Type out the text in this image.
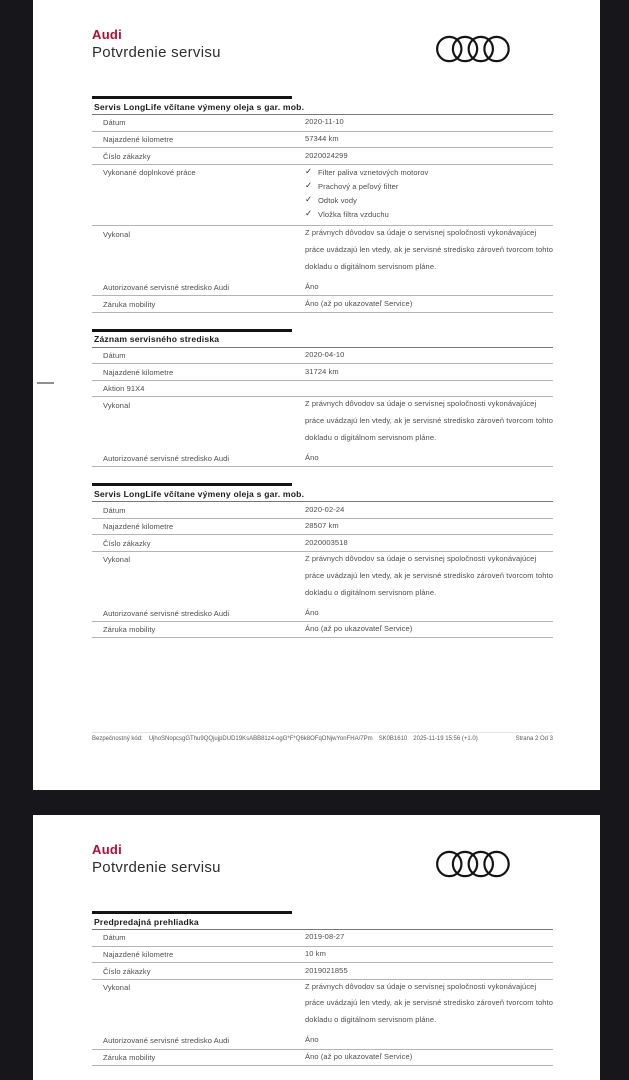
Audi
Potvrdenie servisu
Servis LongLife včítane výmeny oleja s gar. mob.
Dátum	2020-11-10
Najazdené kilometre	57344 km
Číslo zákazky	2020024299
Vykonané doplnkové práce	✓ Filter paliva vznetových motorov
✓ Prachový a peľový filter
✓ Odtok vody
✓ Vložka filtra vzduchu
Vykonal	Z právnych dôvodov sa údaje o servisnej spoločnosti vykonávajúcej práce uvádzajú len vtedy, ak je servisné stredisko zároveň tvorcom tohto dokladu o digitálnom servisnom pláne.
Autorizované servisné stredisko Audi	Áno
Záruka mobility	Áno (až po ukazovateľ Service)
Záznam servisného strediska
Dátum	2020-04-10
Najazdené kilometre	31724 km
Aktion 91X4
Vykonal	Z právnych dôvodov sa údaje o servisnej spoločnosti vykonávajúcej práce uvádzajú len vtedy, ak je servisné stredisko zároveň tvorcom tohto dokladu o digitálnom servisnom pláne.
Autorizované servisné stredisko Audi	Áno
Servis LongLife včítane výmeny oleja s gar. mob.
Dátum	2020-02-24
Najazdené kilometre	28507 km
Číslo zákazky	2020003518
Vykonal	Z právnych dôvodov sa údaje o servisnej spoločnosti vykonávajúcej práce uvádzajú len vtedy, ak je servisné stredisko zároveň tvorcom tohto dokladu o digitálnom servisnom pláne.
Autorizované servisné stredisko Audi	Áno
Záruka mobility	Áno (až po ukazovateľ Service)
Bezpečnostný kód: UjhoSNopcsgGThu9QQjujpDUD19KsABB81z4-ogG*F*Q6k8OFqONjwYonFHA/7Pm SK0B1610 2025-11-19 15:56 (+1.0)	Strana 2 Od 3
Audi
Potvrdenie servisu
Predpredajná prehliadka
Dátum	2019-08-27
Najazdené kilometre	10 km
Číslo zákazky	2019021855
Vykonal	Z právnych dôvodov sa údaje o servisnej spoločnosti vykonávajúcej práce uvádzajú len vtedy, ak je servisné stredisko zároveň tvorcom tohto dokladu o digitálnom servisnom pláne.
Autorizované servisné stredisko Audi	Áno
Záruka mobility	Áno (až po ukazovateľ Service)
